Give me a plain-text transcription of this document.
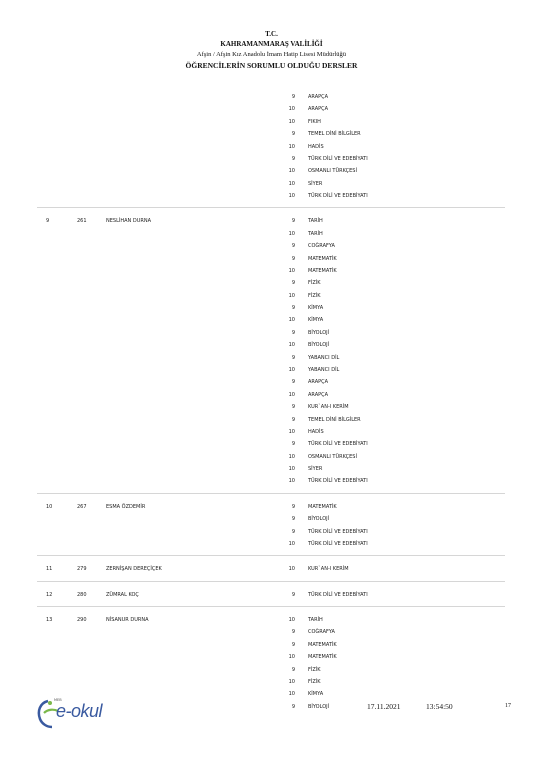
T.C.
KAHRAMANMARAŞ VALİLİĞİ
Afşin / Afşin Kız Anadolu İmam Hatip Lisesi Müdürlüğü
ÖĞRENCİLERİN SORUMLU OLDUĞU DERSLER
9	ARAPÇA
10	ARAPÇA
10	FIKIH
9	TEMEL DİNİ BİLGİLER
10	HADİS
9	TÜRK DİLİ VE EDEBİYATI
10	OSMANLI TÜRKÇESİ
10	SİYER
10	TÜRK DİLİ VE EDEBİYATI
9	261	NESLİHAN DURNA	9	TARİH
10	TARİH
9	COĞRAFYA
9	MATEMATİK
10	MATEMATİK
9	FİZİK
10	FİZİK
9	KİMYA
10	KİMYA
9	BİYOLOJİ
10	BİYOLOJİ
9	YABANCI DİL
10	YABANCI DİL
9	ARAPÇA
10	ARAPÇA
9	KUR`AN-I KERİM
9	TEMEL DİNİ BİLGİLER
10	HADİS
9	TÜRK DİLİ VE EDEBİYATI
10	OSMANLI TÜRKÇESİ
10	SİYER
10	TÜRK DİLİ VE EDEBİYATI
10	267	ESMA ÖZDEMİR	9	MATEMATİK
9	BİYOLOJİ
9	TÜRK DİLİ VE EDEBİYATI
10	TÜRK DİLİ VE EDEBİYATI
11	279	ZERNİŞAN DEREÇİÇEK	10	KUR`AN-I KERİM
12	280	ZÜMRAL KOÇ	9	TÜRK DİLİ VE EDEBİYATI
13	290	NİSANUR DURNA	10	TARİH
9	COĞRAFYA
9	MATEMATİK
10	MATEMATİK
9	FİZİK
10	FİZİK
10	KİMYA
9	BİYOLOJİ
MEB
e-okul	17.11.2021	13:54:50	17
